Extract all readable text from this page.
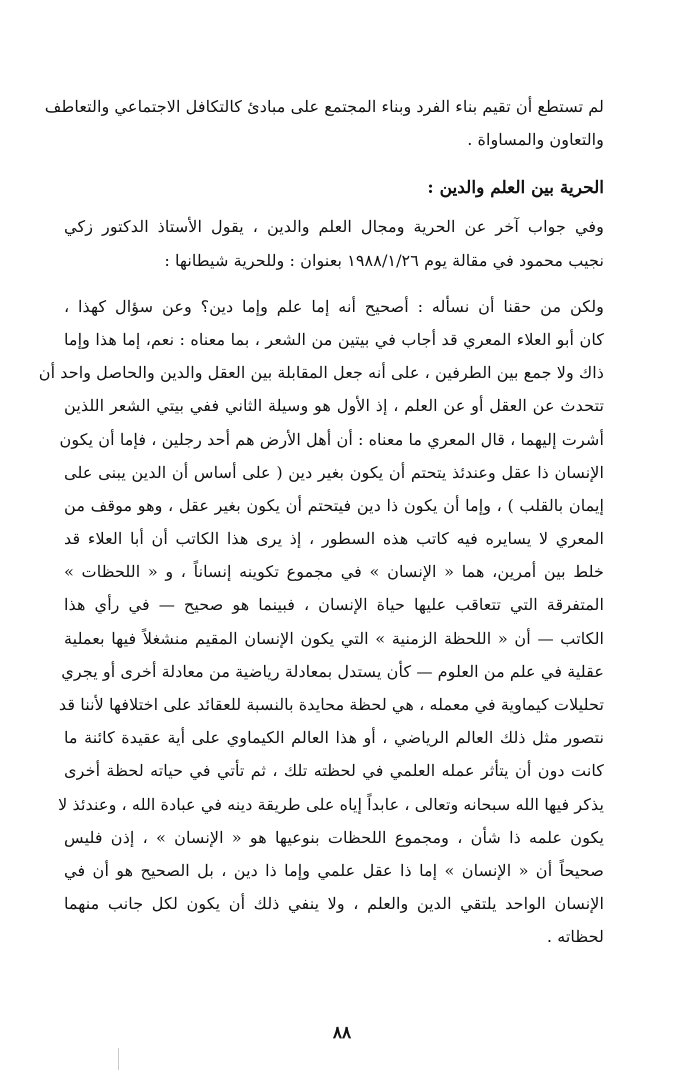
لم تستطع أن تقيم بناء الفرد وبناء المجتمع على مبادئ كالتكافل الاجتماعي والتعاطف
والتعاون والمساواة .
الحرية بين العلم والدين :
وفي جواب آخر عن الحرية ومجال العلم والدين ، يقول الأستاذ الدكتور زكي
نجيب محمود في مقالة يوم ١٩٨٨/١/٢٦ بعنوان : وللحرية شيطانها :
ولكن من حقنا أن نسأله : أصحيح أنه إما علم وإما دين؟ وعن سؤال كهذا ،
كان أبو العلاء المعري قد أجاب في بيتين من الشعر ، بما معناه : نعم، إما هذا وإما
ذاك ولا جمع بين الطرفين ، على أنه جعل المقابلة بين العقل والدين والحاصل واحد أن
تتحدث عن العقل أو عن العلم ، إذ الأول هو وسيلة الثاني ففي بيتي الشعر اللذين
أشرت إليهما ، قال المعري ما معناه : أن أهل الأرض هم أحد رجلين ، فإما أن يكون
الإنسان ذا عقل وعندئذ يتحتم أن يكون بغير دين ( على أساس أن الدين يبنى على
إيمان بالقلب ) ، وإما أن يكون ذا دين فيتحتم أن يكون بغير عقل ، وهو موقف من
المعري لا يسايره فيه كاتب هذه السطور ، إذ يرى هذا الكاتب أن أبا العلاء قد
خلط بين أمرين، هما « الإنسان » في مجموع تكوينه إنساناً ، و « اللحظات »
المتفرقة التي تتعاقب عليها حياة الإنسان ، فبينما هو صحيح — في رأي هذا
الكاتب — أن « اللحظة الزمنية » التي يكون الإنسان المقيم منشغلاً فيها بعملية
عقلية في علم من العلوم — كأن يستدل بمعادلة رياضية من معادلة أخرى أو يجري
تحليلات كيماوية في معمله ، هي لحظة محايدة بالنسبة للعقائد على اختلافها لأننا قد
نتصور مثل ذلك العالم الرياضي ، أو هذا العالم الكيماوي على أية عقيدة كائنة ما
كانت دون أن يتأثر عمله العلمي في لحظته تلك ، ثم تأتي في حياته لحظة أخرى
يذكر فيها الله سبحانه وتعالى ، عابداً إياه على طريقة دينه في عبادة الله ، وعندئذ لا
يكون علمه ذا شأن ، ومجموع اللحظات بنوعيها هو « الإنسان » ، إذن فليس
صحيحاً أن « الإنسان » إما ذا عقل علمي وإما ذا دين ، بل الصحيح هو أن في
الإنسان الواحد يلتقي الدين والعلم ، ولا ينفي ذلك أن يكون لكل جانب منهما
لحظاته .
٨٨
